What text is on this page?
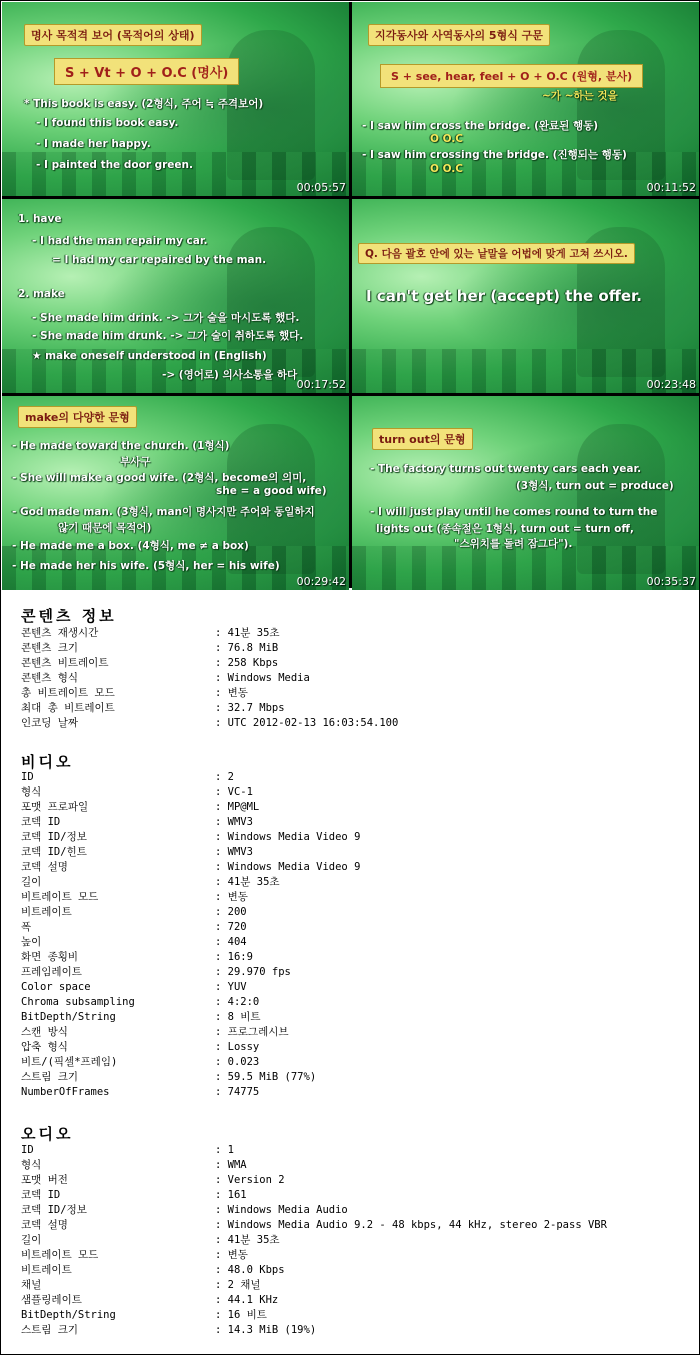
명사 목적격 보어 (목적어의 상태)
S + Vt + O + O.C (명사)
* This book is easy. (2형식, 주어 ≒ 주격보어)
- I found this book easy.
- I made her happy.
- I painted the door green.
00:05:57
지각동사와 사역동사의 5형식 구문
S + see, hear, feel + O + O.C (원형, 분사)
~가 ~하는 것을
- I saw him cross the bridge. (완료된 행동)
O O.C
- I saw him crossing the bridge. (진행되는 행동)
O O.C
00:11:52
1. have
- I had the man repair my car.
= I had my car repaired by the man.
2. make
- She made him drink. -> 그가 술을 마시도록 했다.
- She made him drunk. -> 그가 술이 취하도록 했다.
★ make oneself understood in (English)
-> (영어로) 의사소통을 하다
00:17:52
Q. 다음 괄호 안에 있는 낱말을 어법에 맞게 고쳐 쓰시오.
I can't get her (accept) the offer.
00:23:48
make의 다양한 문형
- He made toward the church. (1형식)
부사구
- She will make a good wife. (2형식, become의 의미,
she = a good wife)
- God made man. (3형식, man이 명사지만 주어와 동일하지
않기 때문에 목적어)
- He made me a box. (4형식, me ≠ a box)
- He made her his wife. (5형식, her = his wife)
00:29:42
turn out의 문형
- The factory turns out twenty cars each year.
(3형식, turn out = produce)
- I will just play until he comes round to turn the
lights out (종속절은 1형식, turn out = turn off,
"스위치를 돌려 잠그다").
00:35:37
콘텐츠 정보
콘텐츠 재생시간	: 41분 35초
콘텐츠 크기	: 76.8 MiB
콘텐츠 비트레이트	: 258 Kbps
콘텐츠 형식	: Windows Media
총 비트레이트 모드	: 변동
최대 총 비트레이트	: 32.7 Mbps
인코딩 날짜	: UTC 2012-02-13 16:03:54.100
비디오
ID	: 2
형식	: VC-1
포맷 프로파일	: MP@ML
코덱 ID	: WMV3
코덱 ID/정보	: Windows Media Video 9
코덱 ID/힌트	: WMV3
코덱 설명	: Windows Media Video 9
길이	: 41분 35초
비트레이트 모드	: 변동
비트레이트	: 200
폭	: 720
높이	: 404
화면 종횡비	: 16:9
프레임레이트	: 29.970 fps
Color space	: YUV
Chroma subsampling	: 4:2:0
BitDepth/String	: 8 비트
스캔 방식	: 프로그레시브
압축 형식	: Lossy
비트/(픽셀*프레임)	: 0.023
스트림 크기	: 59.5 MiB (77%)
NumberOfFrames	: 74775
오디오
ID	: 1
형식	: WMA
포맷 버전	: Version 2
코덱 ID	: 161
코덱 ID/정보	: Windows Media Audio
코덱 설명	: Windows Media Audio 9.2 - 48 kbps, 44 kHz, stereo 2-pass VBR
길이	: 41분 35초
비트레이트 모드	: 변동
비트레이트	: 48.0 Kbps
채널	: 2 채널
샘플링레이트	: 44.1 KHz
BitDepth/String	: 16 비트
스트림 크기	: 14.3 MiB (19%)
